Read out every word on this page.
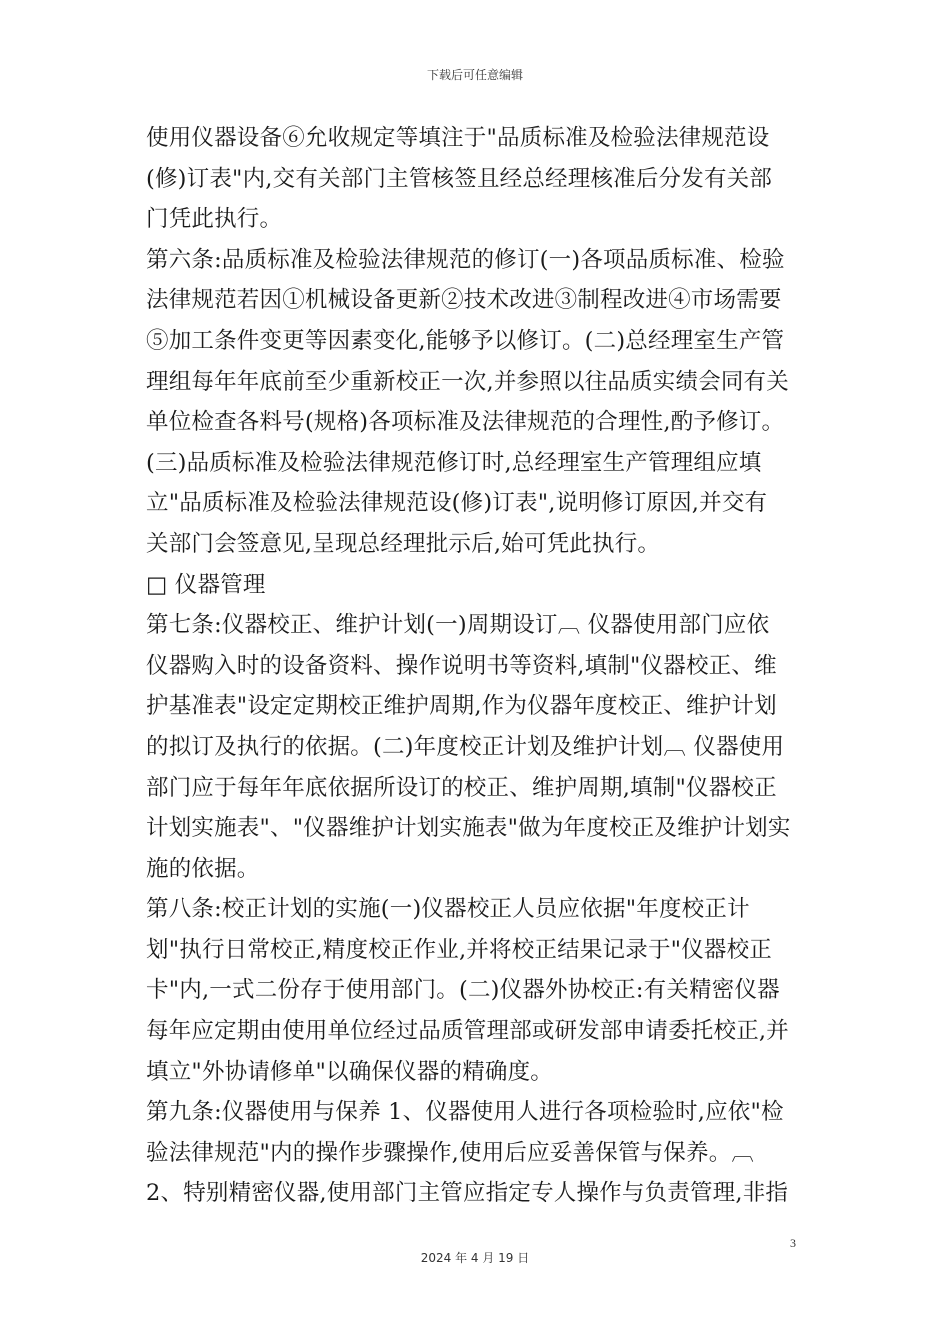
下载后可任意编辑
使用仪器设备⑥允收规定等填注于"品质标准及检验法律规范设
(修)订表"内,交有关部门主管核签且经总经理核准后分发有关部
门凭此执行。
第六条:品质标准及检验法律规范的修订(一)各项品质标准、检验
法律规范若因①机械设备更新②技术改进③制程改进④市场需要
⑤加工条件变更等因素变化,能够予以修订。(二)总经理室生产管
理组每年年底前至少重新校正一次,并参照以往品质实绩会同有关
单位检查各料号(规格)各项标准及法律规范的合理性,酌予修订。
(三)品质标准及检验法律规范修订时,总经理室生产管理组应填
立"品质标准及检验法律规范设(修)订表",说明修订原因,并交有
关部门会签意见,呈现总经理批示后,始可凭此执行。
□ 仪器管理
第七条:仪器校正、维护计划(一)周期设订︹ 仪器使用部门应依
仪器购入时的设备资料、操作说明书等资料,填制"仪器校正、维
护基准表"设定定期校正维护周期,作为仪器年度校正、维护计划
的拟订及执行的依据。(二)年度校正计划及维护计划︹ 仪器使用
部门应于每年年底依据所设订的校正、维护周期,填制"仪器校正
计划实施表"、"仪器维护计划实施表"做为年度校正及维护计划实
施的依据。
第八条:校正计划的实施(一)仪器校正人员应依据"年度校正计
划"执行日常校正,精度校正作业,并将校正结果记录于"仪器校正
卡"内,一式二份存于使用部门。(二)仪器外协校正:有关精密仪器
每年应定期由使用单位经过品质管理部或研发部申请委托校正,并
填立"外协请修单"以确保仪器的精确度。
第九条:仪器使用与保养 1、仪器使用人进行各项检验时,应依"检
验法律规范"内的操作步骤操作,使用后应妥善保管与保养。︹
2、特别精密仪器,使用部门主管应指定专人操作与负责管理,非指
3
2024 年 4 月 19 日
